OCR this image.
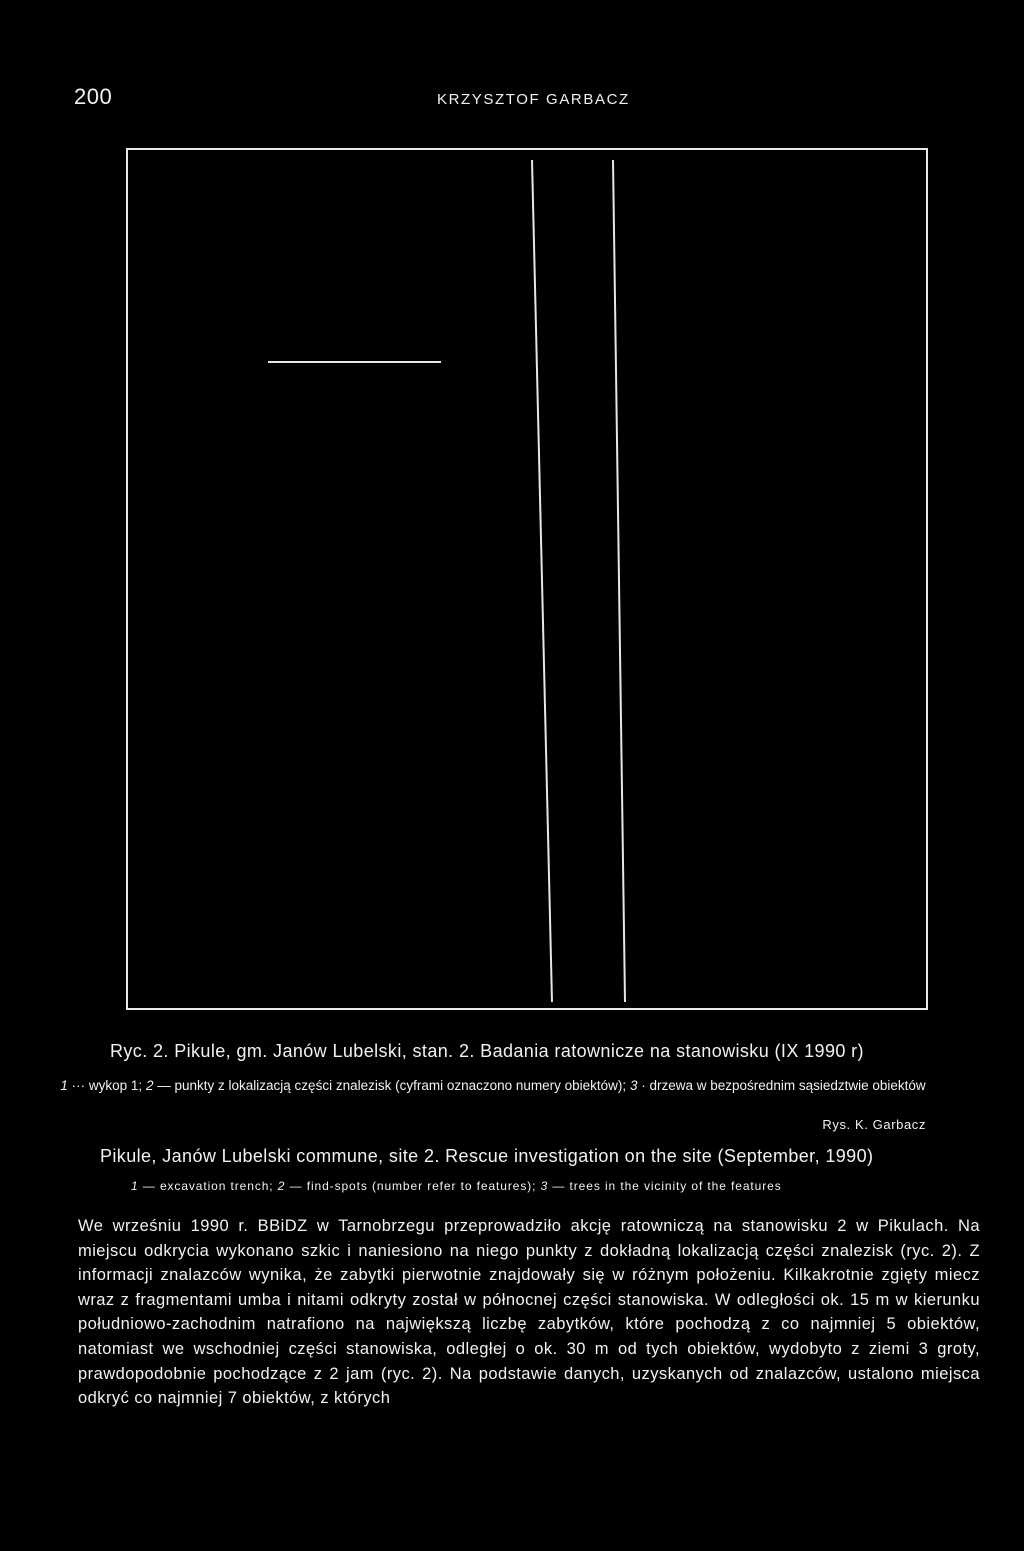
200	KRZYSZTOF GARBACZ
Ryc. 2. Pikule, gm. Janów Lubelski, stan. 2. Badania ratownicze na stanowisku (IX 1990 r)
1 ··· wykop 1; 2 — punkty z lokalizacją części znalezisk (cyframi oznaczono numery obiektów); 3 · drzewa w bezpośrednim sąsiedztwie obiektów
Rys. K. Garbacz
Pikule, Janów Lubelski commune, site 2. Rescue investigation on the site (September, 1990)
1 — excavation trench; 2 — find-spots (number refer to features); 3 — trees in the vicinity of the features

We wrześniu 1990 r. BBiDZ w Tarnobrzegu przeprowadziło akcję ratowniczą na stanowisku 2 w Pikulach. Na miejscu odkrycia wykonano szkic i naniesiono na niego punkty z dokładną lokalizacją części znalezisk (ryc. 2). Z informacji znalazców wynika, że zabytki pierwotnie znajdowały się w różnym położeniu. Kilkakrotnie zgięty miecz wraz z fragmentami umba i nitami odkryty został w północnej części stanowiska. W odległości ok. 15 m w kierunku południowo-zachodnim natrafiono na największą liczbę zabytków, które pochodzą z co najmniej 5 obiektów, natomiast we wschodniej części stanowiska, odległej o ok. 30 m od tych obiektów, wydobyto z ziemi 3 groty, prawdopodobnie pochodzące z 2 jam (ryc. 2). Na podstawie danych, uzyskanych od znalazców, ustalono miejsca odkryć co najmniej 7 obiektów, z których
